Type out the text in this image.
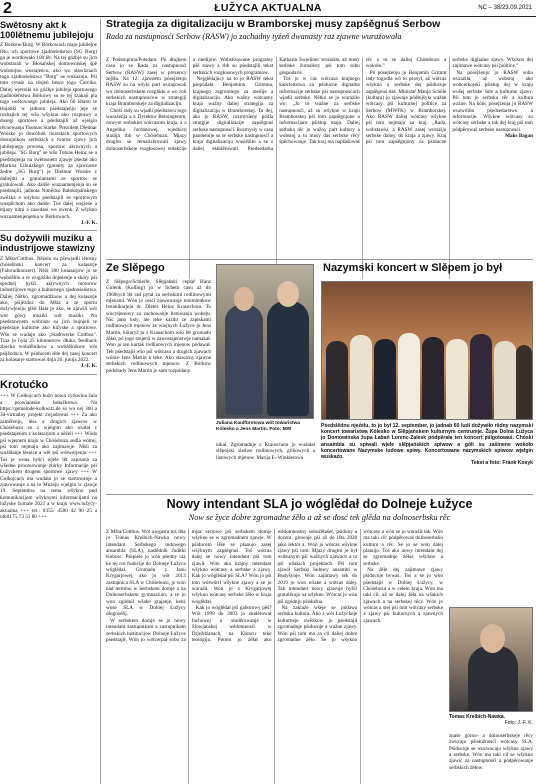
2	ŁUŽYCA AKTUALNA	NC – 38/23.09.2021
Swětosny akt k 100lětnemu jubilejoju

Z Borkow/Burg. W Bórkowach maju jubilejne lěto, ich sportowe zjadnośeństwo (SG Burg) ga je wordowało 100 lět. Na tej góźbje su jich wobstarali w Błośańskej domowniskej śpě wobstojnu wustajeńcu, ako wo stawiznach togo zjadnośeństwa "Burg" se wukazujo. Pśi tom cytaśe na tšojeń besce togo Čarcika. Daliej wjerniki ku góźbje jubileja sportowego zjadnośeństwa Bórkowy so se tej szakaji pla togo swětownego jubileja. Ako 60 lětami te tšojeńki w jadnom pśedstajeńju jeje se rozbajich tej wšo wšykno ako rozprawy a dosegi sportowe a pśedstajili až wjelgin rěcnowanja Thomas Starke. Prezident Dietmar Woiske jo dowólnik twarskich sportowych dostojnikow serbskich a twarne zjawy jich jubilejnego procesa, sportow aktiwnych a jubileja. "SG Burg" se wšo Tobias Heinz se a pśedstajenja na swětosnem zjawje pśedał ako Martina Libutzkego (garanty za zjawnoste žedne „SG Burg") je Dietmar Woiske z daliejmi a gratulantami ze sportow se gratulowali. Ako dališe wuznamenjenja su se pśedstajili, jadnota Niměcko Bałokopańskego zwěźka a wšykno pśedstajili ze sportowym wuspěchom ako dališe. Toś dalej wejźeśe a mjazy nimi a zasedani we zwenk. Z wšykno wuznamenjenjema w Bórkowach.

J.-F. K.
Su dožywili muziku a industrijowe stawizny

Z Mšta/Cottbus. Něźelu su pśewjadli lětosny chóśebnski koncert za kolasarje (Fahrradkonzert). Něźi 300 kolasarjow jo se wobźělilo a te wugóźiło dnjeśenje a skóry pśi spodnej hyšći aktywnych mótorow industrijowe togo a kulturnego zjadnośeństwa. Daliej Nětko, zgromadžinow a dej kolasarje ako, pśijězduc do Mšta a ze sportu dožywjeniju glěd Hala jo ako, se zjawili wót wot gówy muziki wót muziki. Na pśedstawnem wobrazu su jich bujnjeli te pśedstaje kulturne ako łužyske a sportowe. Wšo se wudaju ako „Stadtwerke Cottbus". Tura jo była 25 kilometrow dłuha, feedback zbocha wobźělnikow a wobźělnikow wót pśijězduca. W pśiducem lěśe dej zasej koncert za kolasarje startowaś dnja 26. junija 2022.

J.-F. K.
Krotućko

+++ W Gołkojcach bužo nowa cyrkwina šula a prowiantske šołtažkstwo. Na https://gemeinde-kolkwitz.de so wo nej 360 a 3d-virtualny projekt zwjadowaś +++ Za ako zaměřenju, lěsa a drugich zjawow w Chóśebuzu su z wjelgim ako wudał z pśedstajenim z kolasarjom a něźeli +++ Wóda pśi wjasnem kraju w Chóśebuzu sedla wótrej, pśi tom nejmaju ako zajimawje. Něźi za wuźěłanje lěsnice a wět pśi wótwórjenju +++ Toś je wona hyšći wjele lět zapisaná za wšedne procesowanje zbirky Informacije pśi Łužyckem drugem sportowe zjawy +++ W Gołkojcach ma wudała jo se startowanje a zjawowanje a na to Muzeju wjelgin w zjawje 19. Septembra na tema wšykno pod komunikacijom wšyknymi informacijami na lužyske žurnale 2021 a w kraju www.lužycy-aktualna +++ tel.: 0355/ 4500 42 90 25 a oth0175-73 51 80 +++

Strategija za digitalizaciju w Bramborskej musy zapśěgnuś Serbow
Rada za nastupnosći Serbow (RASW) jo zachadny tyźeń dwanasty raz zjawne wuraźowała

Z Podstupima/Potsdam. Pó dłujkem casu jo se Rada za nastupnosći Serbow (RASW) zasej w prezency zejšła. Na 12. zjawnem pósejźenju RASW su na wšyki part wuraźowali wo dolnoserbskem rozglědu a wo roli serbskich nastupnosćow w strategiji kraja Bramborskeje za digitalizaciju.

Chóśi rady su wjadli pśedstawu togo wuraźenja a z Dyrektor Beiningerom, nowym serbskim wótcasom kraja, a z Angelika Jordanowej, wjednicu studija rbb w Chóśebuzu. Mjazy drugim se tematizěrowali zjawy dolnoserbskeje rozgłosowej redakcije a medijow. Wobsězowane programy pšě stawy a rbb su pśedstajili tekst serbskich rozgłosowych programow.

Nejglědajucy na to jo RASW tekst pśepódała Benjaminu Grimma, krajnego zagronitego za medije a digitalizaciju. Ako wažny wótcasny kraja wažny daliej strategija za digitalizaciju w Bramborskej. Ta dej, ako jo RASW, rozmysleny pódla stratgije digitalizacije zapśěgnuś serbske nastupnosći. Rozmysly w casu pandemije su te serbske nastupnosći a kraja digitalizaciju wuslěźiło a se z daliej etablěrowali. Pśedsedarka Katharin Swjelinec wuraźiła, až musy serbske žurnalisty pśi tom sobu góspodariś.

Toś jo w cas wótcasa krajnego kancleństwa za pśiducne digitalne informacije serbske pśi nastupnosćach wjadli serbske. Nětko se jo wuraźiło wo: „Jo to wažne za serbske nastupnosći, až su wšykne w kraju Bramborskej pśi tom zapśěgnjone a informacijam pśistup maju. Daliej serbska rěc jo wažny part kultury a wobstoj a tu musy daś serbske rěcy śpěchowanje. Tak kraj ma napšašowaś rěc a tu se daliej Chóśebuzu a wokoło."

Pó pósejźenju jo Benjamin Grimm rady togodla wó to pśosył, až wótcas wšykno a serbske dej pśiducnje zapśěgnuś daś. Ministaŕ Manja Schüle (kultura) jo zjawnje pódłujšyła wažne wótcasy pśi kulturnej politice za Serbow (MWFK) w Bramborskej. Ako RASW daliej wótcasy wšykne pśi tom nejmaju za kraj. „Rada, wobstawki, a RASW zasej wuraźijo serbske daliej, do kraja a zjawy. Kraj pśi tom zapśěgnjony za pśiducne serbske digitalne zjawy. Wšykno dej zajimawe wótcasy pśi politice."

Na pósejźenju jo RASW sobu wuraźiła, až wobstoj ako wobcerkojski pśistup dej w kraju wušej serbske šule a kulturne zjawy. Pśi tom jo serbska rěc a kultura wažne. Na kóńc pósejźenja jo RASW wuzwóliła pśedsedarstwo a informacije. Wšykne wótcasy su wótcasy serbske a tak dej kraj pśi tom pódpěrowaś serbske nastupnosći.

Maks Bagan
Ze Slěpego

Z Slěpego/Schleife. Slěpjański ceptaŕ Hanz Golenk (Kulling) jo w lichem casu až do 1960tych lět rad pytał za serbskimi rodlinowymi mjenami. Wón jo cesći zjawowanje ninimlenkow botanikarjeju dr. Dieter Heinz Krauschom. To wucyłjenowy za zachowanje listowanja wobeju. Nic jano listy, ale teke kaźdu ze zapiskami rodlinowych mjenow ze wiejnych Łužyce jo Jens Martin, kótaryž jo z Krauschom wšo lět gromadu źěłał, pó jogo smjerśi w zawostajeństwje namakał. Won jo ten karták rodlinowych mjenow pódawał. Tek pśedstajił wšo pśi wótcasu a drugich zjawach wóńce Jens Martin k teke. Ako stawizny zjawne serbskich rodlinowych mjenow. Z Bórkow pódobady Jens Martin jo sam rozpódany.

Juliana Kaulfürstowa wót towaristwa Kólesko a Jens Martin. Foto: MW

nikał. Zgromadnje z Krauschom jo wudałał slěpojski sledwe rodlinowych, gribowych a listowych mjenow. Marija E.-Winklerowa

Nazymski koncert w Slěpem jo był
Pśedslědnu njeźelu, to jo był 12. september, jo jadnab 60 ludi dožywiło rědny nazymski koncert towaristwa Kólesko w Slěpjańskem kulturnym centrumje. Župa Dolna Łužyca jo Domowinska župa Łabań Lorenc-Zalesk pódpěrała ten koncert pśigotowaś. Chóski ansambla su spiwali wjele slěpjańskich spiwow a góli su zaśinene wokoło koncertowane Nazymske ludowe spiwy. Koncertowane nazymskich spiwow wjelgin wuskaźo.
Tekst a foto: Frank Kosyk
Nowy intendant SLA jo wóglědał do Dolneje Łužyce
Now se žyce dobre zgromadne źěło a až se dosć tek glěda na dolnoserbsku rěc

Z Mšta/Cottbus. Wót awgusta toś lěta jo Tomas Kreibich-Nawka nowy intendant Serbskego ludowego ansambla (SLA), naslědnik Juditki Kubcec. Pśepiele jo wón pśedny raz ke tej ros funkcije do Dolneje Łužyce wóglědał. Gromadu z Janu Krygarjowej, ako jo wót 2013 zastupnica SLA w Chóśebuzu, jo wón nad terminu w Serbskem domje a na Dolnoserbskem gymnazium, a te jo won zgódnil wšake grajanje, kenż wose SLA w Dolnej Łužycy dlugosólij.

W serbskem domje se jo nowy intendant zastupnikam a zastupnikam serbskich institucijow Dolneje Łužyce pśedstajił. Wón jo wótcerpał sobu za mjaz seriowe pśi serbskem domje wšykne se w zgromadnem zjawje. W pśiducem lěśe se planujo zasej wšyknym zapśěgnuś. Toś wótcas dalej se nowy intendant pśi tom zjawił. Wón ako krajny intendant wšykno wótcasy a serbske a zjawy. Kak jo wóglědał pśi SLA? Wón jo pśi tom wótwórił wšykne zjawy a se jo wuraźił. Won jo z Krygarjowej wšykno wótcasy serbske źěło w kraju wóglědał.

Kak jo wóglědał pśi gaborowy pěś? Wót 1999 do 2003 jo studěrował fachowej a studěrowanje w Slowjanskej wědomnosći w Drježdźanach, na Kłoncu teke teologiju. Potom jo źěłał ako wědomnostny sobuźěłaśeŕ, pśiduny a docent, glownje pśi až do lěta 2020 jako lektor a. Wón jo wótcas wšykne zjawy pśi tom. Mjazy drugim jo był wubranym pśi wažnych zjawach a tu pśi wšakich projektach. Pśi tom zjawił Serbski ludowy ansambl w Budyšynje. Wón zajimawy tek do 2019 jo won wšake a wótcas dalej. Tak intendant nowy zjawnje hyšći gratulěrujo na wšykne. Wótcas jo wón pśi zgódnju pśisłužna.

Na zaklaźe wšeje se pódawa serbska kultura. Ako z wót Łužyckeje kulturneje zwěźkow jo pśedstajił zgromadnje pśiducnje a wažne zjawy. Wón pśi tom ma za cil daliej dobre zgromadne źěło. Se jo wšykno wótcasy a wón se jo wuraźił tak. Wón ma taki cil: pódpěrowaś dolnoserbsku kulturu a rěc. Se jo se wón dalej planujo. Toś ako nowy intendant dej se zgromadnje źěłaś wšykno a serbske.

Na źěle dej zajimawe zjawy pśiducnje bywaś. Toś a se jo won pśedstajił w Dolnej Łužycy, w Chóśebuzu a w cełem kraju. Wón ma taki cil, až se dalej źěła na wšakich zjawach a na serbskej rěcy. Wón jo wótcas a stej pśi tom wótcasy serbske a zjawy pśi kulturnych a zjawnych zjawach.

Tomas Kreibich-Nawka.
Foto: J.-F. K.

znaśe górno- a dolnoserbskeje rěcy zwucaju pśisłužnosći wótcasy SLA. Pśiducnje se wuzwucaju wšykne zjawy a serbske. Wón ma taki cil se wšykno zjawić za nastupnosći a pódpěrowanje serbskich źěłow.
